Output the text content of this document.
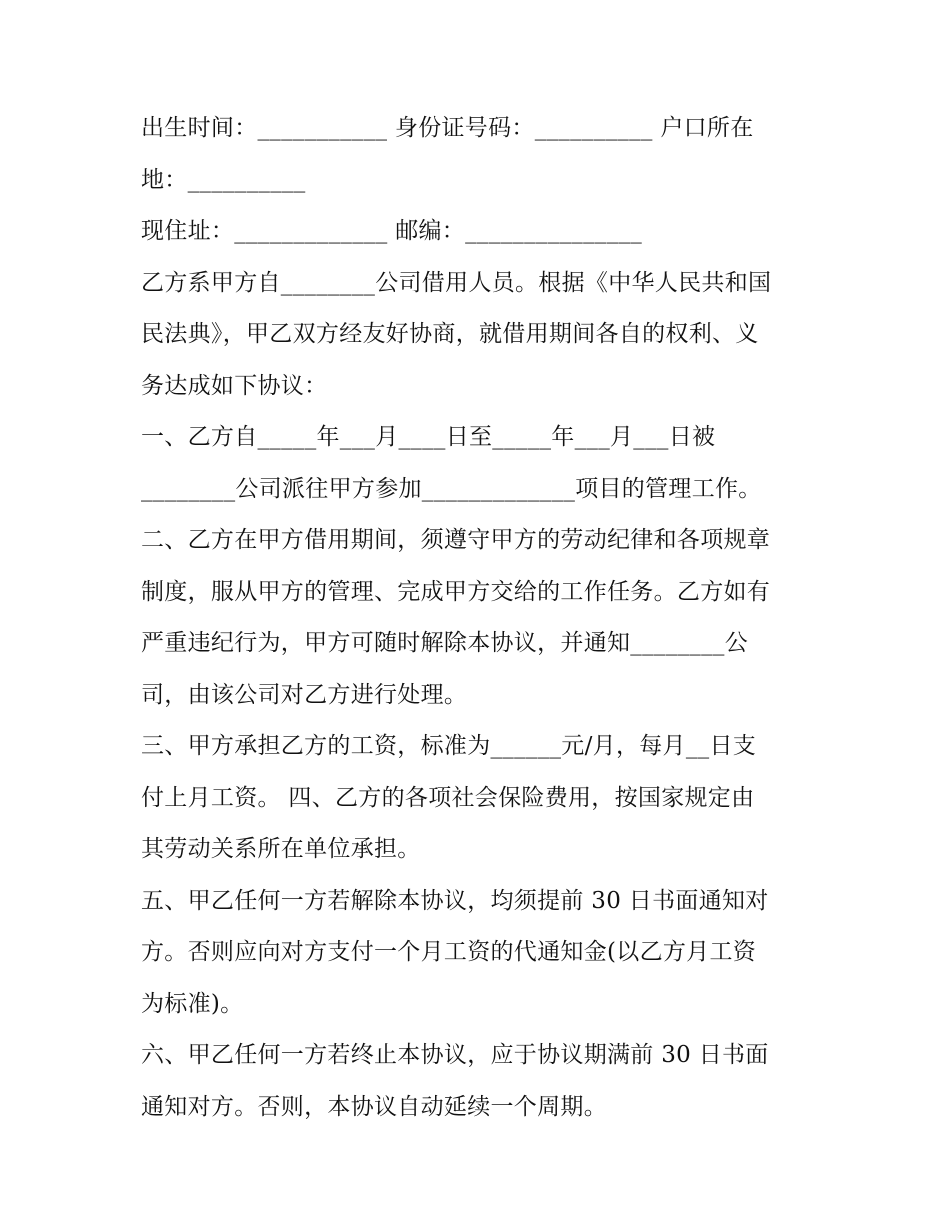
出生时间：___________ 身份证号码：__________ 户口所在
地：__________
现住址：_____________ 邮编：_______________
乙方系甲方自________公司借用人员。根据《中华人民共和国
民法典》，甲乙双方经友好协商，就借用期间各自的权利、义
务达成如下协议：
一、乙方自_____年___月____日至_____年___月___日被
________公司派往甲方参加_____________项目的管理工作。
二、乙方在甲方借用期间，须遵守甲方的劳动纪律和各项规章
制度，服从甲方的管理、完成甲方交给的工作任务。乙方如有
严重违纪行为，甲方可随时解除本协议，并通知________公
司，由该公司对乙方进行处理。
三、甲方承担乙方的工资，标准为______元/月，每月__日支
付上月工资。 四、乙方的各项社会保险费用，按国家规定由
其劳动关系所在单位承担。
五、甲乙任何一方若解除本协议，均须提前 30 日书面通知对
方。否则应向对方支付一个月工资的代通知金(以乙方月工资
为标准)。
六、甲乙任何一方若终止本协议，应于协议期满前 30 日书面
通知对方。否则，本协议自动延续一个周期。
